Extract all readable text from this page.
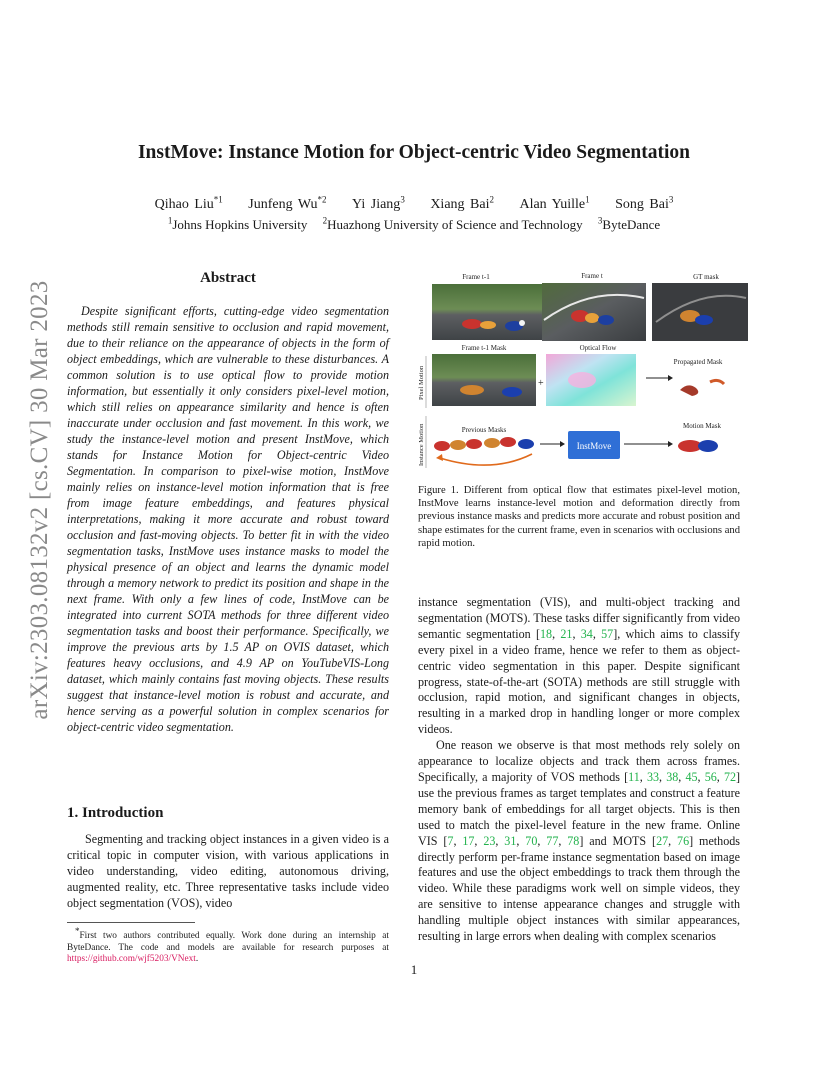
arXiv:2303.08132v2 [cs.CV] 30 Mar 2023
InstMove: Instance Motion for Object-centric Video Segmentation
Qihao Liu$^{*1}$ Junfeng Wu$^{*2}$ Yi Jiang$^3$ Xiang Bai$^2$ Alan Yuille$^1$ Song Bai$^3$
$^1$Johns Hopkins University $^2$Huazhong University of Science and Technology $^3$ByteDance
Abstract
Despite significant efforts, cutting-edge video segmentation methods still remain sensitive to occlusion and rapid movement, due to their reliance on the appearance of objects in the form of object embeddings, which are vulnerable to these disturbances. A common solution is to use optical flow to provide motion information, but essentially it only considers pixel-level motion, which still relies on appearance similarity and hence is often inaccurate under occlusion and fast movement. In this work, we study the instance-level motion and present InstMove, which stands for Instance Motion for Object-centric Video Segmentation. In comparison to pixel-wise motion, InstMove mainly relies on instance-level motion information that is free from image feature embeddings, and features physical interpretations, making it more accurate and robust toward occlusion and fast-moving objects. To better fit in with the video segmentation tasks, InstMove uses instance masks to model the physical presence of an object and learns the dynamic model through a memory network to predict its position and shape in the next frame. With only a few lines of code, InstMove can be integrated into current SOTA methods for three different video segmentation tasks and boost their performance. Specifically, we improve the previous arts by 1.5 AP on OVIS dataset, which features heavy occlusions, and 4.9 AP on YouTubeVIS-Long dataset, which mainly contains fast moving objects. These results suggest that instance-level motion is robust and accurate, and hence serving as a powerful solution in complex scenarios for object-centric video segmentation.
1. Introduction
Segmenting and tracking object instances in a given video is a critical topic in computer vision, with various applications in video understanding, video editing, autonomous driving, augmented reality, etc. Three representative tasks include video object segmentation (VOS), video
*First two authors contributed equally. Work done during an internship at ByteDance. The code and models are available for research purposes at https://github.com/wjf5203/VNext.
Frame t-1	Frame t	GT mask
Frame t-1 Mask	Optical Flow
Propagated Mask
+
Previous Masks	Motion Mask
InstMove
Pixel Motion
Instance Motion
Figure 1. Different from optical flow that estimates pixel-level motion, InstMove learns instance-level motion and deformation directly from previous instance masks and predicts more accurate and robust position and shape estimates for the current frame, even in scenarios with occlusions and rapid motion.

instance segmentation (VIS), and multi-object tracking and segmentation (MOTS). These tasks differ significantly from video semantic segmentation [18, 21, 34, 57], which aims to classify every pixel in a video frame, hence we refer to them as object-centric video segmentation in this paper. Despite significant progress, state-of-the-art (SOTA) methods are still struggle with occlusion, rapid motion, and significant changes in objects, resulting in a marked drop in handling longer or more complex videos.

One reason we observe is that most methods rely solely on appearance to localize objects and track them across frames. Specifically, a majority of VOS methods [11, 33, 38, 45, 56, 72] use the previous frames as target templates and construct a feature memory bank of embeddings for all target objects. This is then used to match the pixel-level feature in the new frame. Online VIS [7, 17, 23, 31, 70, 77, 78] and MOTS [27, 76] methods directly perform per-frame instance segmentation based on image features and use the object embeddings to track them through the video. While these paradigms work well on simple videos, they are sensitive to intense appearance changes and struggle with handling multiple object instances with similar appearances, resulting in large errors when dealing with complex scenarios

1
